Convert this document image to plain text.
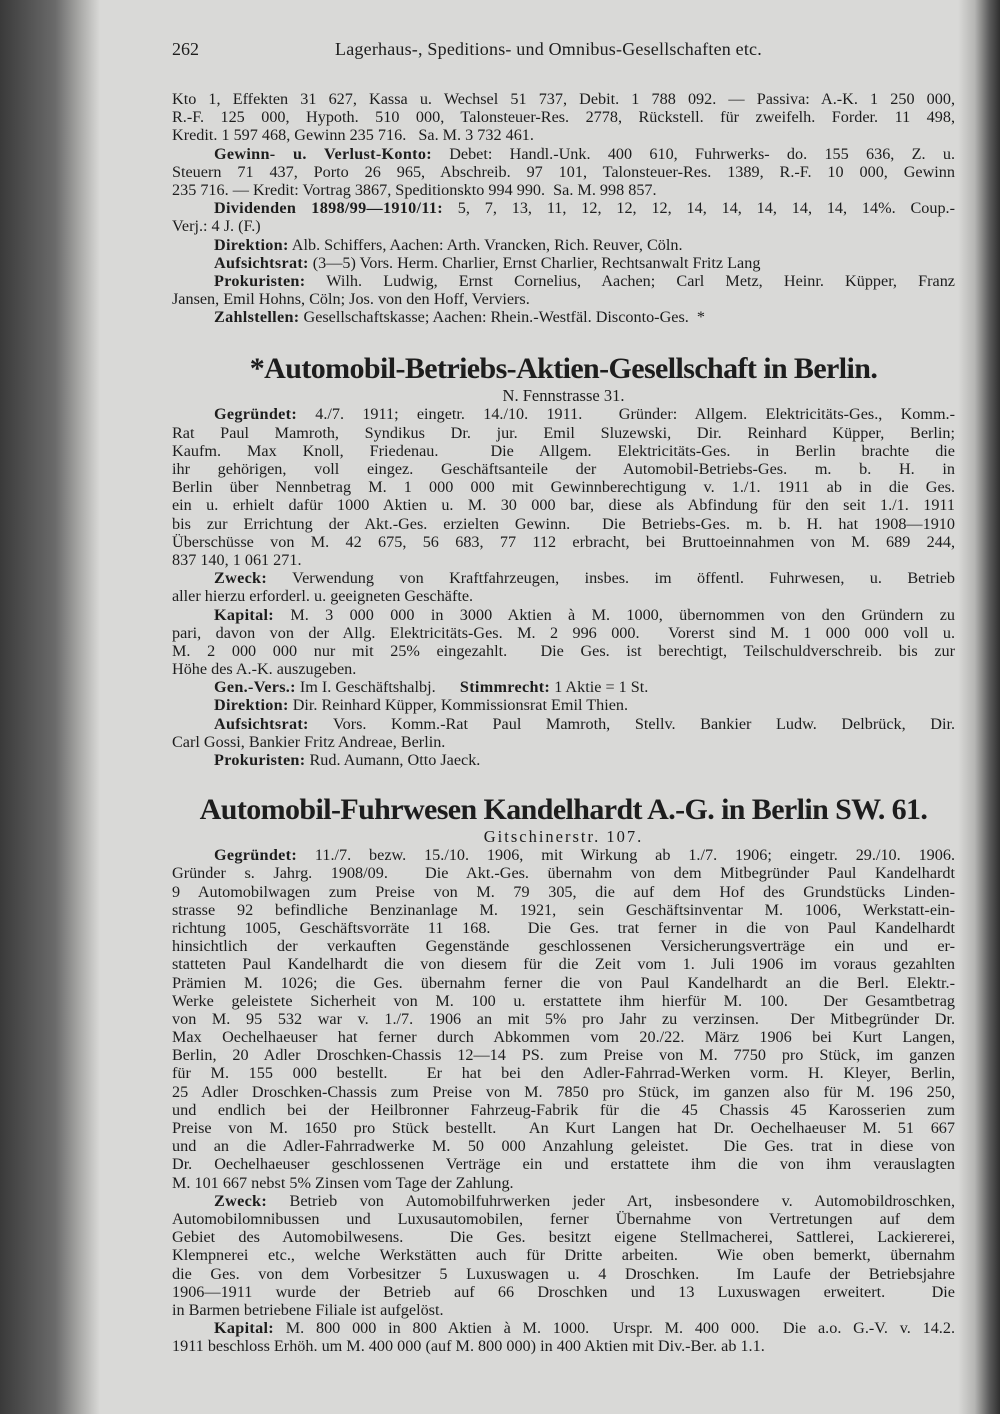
262	Lagerhaus-, Speditions- und Omnibus-Gesellschaften etc.
Kto 1, Effekten 31 627, Kassa u. Wechsel 51 737, Debit. 1 788 092. — Passiva: A.-K. 1 250 000,
R.-F. 125 000, Hypoth. 510 000, Talonsteuer-Res. 2778, Rückstell. für zweifelh. Forder. 11 498,
Kredit. 1 597 468, Gewinn 235 716.   Sa. M. 3 732 461.
Gewinn- u. Verlust-Konto: Debet: Handl.-Unk. 400 610, Fuhrwerks- do. 155 636, Z. u.
Steuern 71 437, Porto 26 965, Abschreib. 97 101, Talonsteuer-Res. 1389, R.-F. 10 000, Gewinn
235 716. — Kredit: Vortrag 3867, Speditionskto 994 990.  Sa. M. 998 857.
Dividenden 1898/99—1910/11: 5, 7, 13, 11, 12, 12, 12, 14, 14, 14, 14, 14, 14%. Coup.-
Verj.: 4 J. (F.)
Direktion: Alb. Schiffers, Aachen: Arth. Vrancken, Rich. Reuver, Cöln.
Aufsichtsrat: (3—5) Vors. Herm. Charlier, Ernst Charlier, Rechtsanwalt Fritz Lang
Prokuristen: Wilh. Ludwig, Ernst Cornelius, Aachen; Carl Metz, Heinr. Küpper, Franz
Jansen, Emil Hohns, Cöln; Jos. von den Hoff, Verviers.
Zahlstellen: Gesellschaftskasse; Aachen: Rhein.-Westfäl. Disconto-Ges.  *
*Automobil-Betriebs-Aktien-Gesellschaft in Berlin.
N. Fennstrasse 31.
Gegründet: 4./7. 1911; eingetr. 14./10. 1911.  Gründer: Allgem. Elektricitäts-Ges., Komm.-
Rat Paul Mamroth, Syndikus Dr. jur. Emil Sluzewski, Dir. Reinhard Küpper, Berlin;
Kaufm. Max Knoll, Friedenau.  Die Allgem. Elektricitäts-Ges. in Berlin brachte die
ihr gehörigen, voll eingez. Geschäftsanteile der Automobil-Betriebs-Ges. m. b. H. in
Berlin über Nennbetrag M. 1 000 000 mit Gewinnberechtigung v. 1./1. 1911 ab in die Ges.
ein u. erhielt dafür 1000 Aktien u. M. 30 000 bar, diese als Abfindung für den seit 1./1. 1911
bis zur Errichtung der Akt.-Ges. erzielten Gewinn.  Die Betriebs-Ges. m. b. H. hat 1908—1910
Überschüsse von M. 42 675, 56 683, 77 112 erbracht, bei Bruttoeinnahmen von M. 689 244,
837 140, 1 061 271.
Zweck: Verwendung von Kraftfahrzeugen, insbes. im öffentl. Fuhrwesen, u. Betrieb
aller hierzu erforderl. u. geeigneten Geschäfte.
Kapital: M. 3 000 000 in 3000 Aktien à M. 1000, übernommen von den Gründern zu
pari, davon von der Allg. Elektricitäts-Ges. M. 2 996 000.  Vorerst sind M. 1 000 000 voll u.
M. 2 000 000 nur mit 25% eingezahlt.  Die Ges. ist berechtigt, Teilschuldverschreib. bis zur
Höhe des A.-K. auszugeben.
Gen.-Vers.: Im I. Geschäftshalbj.      Stimmrecht: 1 Aktie = 1 St.
Direktion: Dir. Reinhard Küpper, Kommissionsrat Emil Thien.
Aufsichtsrat: Vors. Komm.-Rat Paul Mamroth, Stellv. Bankier Ludw. Delbrück, Dir.
Carl Gossi, Bankier Fritz Andreae, Berlin.
Prokuristen: Rud. Aumann, Otto Jaeck.
Automobil-Fuhrwesen Kandelhardt A.-G. in Berlin SW. 61.
Gitschinerstr. 107.
Gegründet: 11./7. bezw. 15./10. 1906, mit Wirkung ab 1./7. 1906; eingetr. 29./10. 1906.
Gründer s. Jahrg. 1908/09.  Die Akt.-Ges. übernahm von dem Mitbegründer Paul Kandelhardt
9 Automobilwagen zum Preise von M. 79 305, die auf dem Hof des Grundstücks Linden-
strasse 92 befindliche Benzinanlage M. 1921, sein Geschäftsinventar M. 1006, Werkstatt-ein-
richtung 1005, Geschäftsvorräte 11 168.  Die Ges. trat ferner in die von Paul Kandelhardt
hinsichtlich der verkauften Gegenstände geschlossenen Versicherungsverträge ein und er-
statteten Paul Kandelhardt die von diesem für die Zeit vom 1. Juli 1906 im voraus gezahlten
Prämien M. 1026; die Ges. übernahm ferner die von Paul Kandelhardt an die Berl. Elektr.-
Werke geleistete Sicherheit von M. 100 u. erstattete ihm hierfür M. 100.  Der Gesamtbetrag
von M. 95 532 war v. 1./7. 1906 an mit 5% pro Jahr zu verzinsen.  Der Mitbegründer Dr.
Max Oechelhaeuser hat ferner durch Abkommen vom 20./22. März 1906 bei Kurt Langen,
Berlin, 20 Adler Droschken-Chassis 12—14 PS. zum Preise von M. 7750 pro Stück, im ganzen
für M. 155 000 bestellt.  Er hat bei den Adler-Fahrrad-Werken vorm. H. Kleyer, Berlin,
25 Adler Droschken-Chassis zum Preise von M. 7850 pro Stück, im ganzen also für M. 196 250,
und endlich bei der Heilbronner Fahrzeug-Fabrik für die 45 Chassis 45 Karosserien zum
Preise von M. 1650 pro Stück bestellt.  An Kurt Langen hat Dr. Oechelhaeuser M. 51 667
und an die Adler-Fahrradwerke M. 50 000 Anzahlung geleistet.  Die Ges. trat in diese von
Dr. Oechelhaeuser geschlossenen Verträge ein und erstattete ihm die von ihm verauslagten
M. 101 667 nebst 5% Zinsen vom Tage der Zahlung.
Zweck: Betrieb von Automobilfuhrwerken jeder Art, insbesondere v. Automobildroschken,
Automobilomnibussen und Luxusautomobilen, ferner Übernahme von Vertretungen auf dem
Gebiet des Automobilwesens.  Die Ges. besitzt eigene Stellmacherei, Sattlerei, Lackiererei,
Klempnerei etc., welche Werkstätten auch für Dritte arbeiten.  Wie oben bemerkt, übernahm
die Ges. von dem Vorbesitzer 5 Luxuswagen u. 4 Droschken.  Im Laufe der Betriebsjahre
1906—1911 wurde der Betrieb auf 66 Droschken und 13 Luxuswagen erweitert.  Die
in Barmen betriebene Filiale ist aufgelöst.
Kapital: M. 800 000 in 800 Aktien à M. 1000.  Urspr. M. 400 000.  Die a.o. G.-V. v. 14.2.
1911 beschloss Erhöh. um M. 400 000 (auf M. 800 000) in 400 Aktien mit Div.-Ber. ab 1.1.
